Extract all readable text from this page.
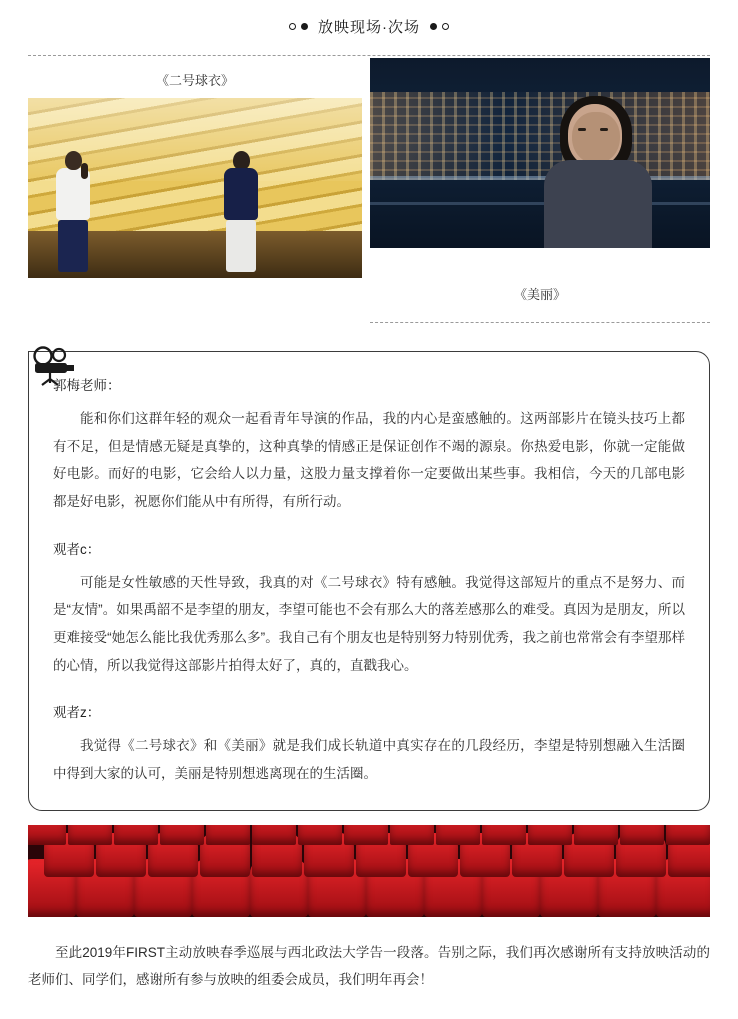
放映现场·次场
《二号球衣》
《美丽》

郭梅老师：

能和你们这群年轻的观众一起看青年导演的作品，我的内心是蛮感触的。这两部影片在镜头技巧上都有不足，但是情感无疑是真挚的，这种真挚的情感正是保证创作不竭的源泉。你热爱电影，你就一定能做好电影。而好的电影，它会给人以力量，这股力量支撑着你一定要做出某些事。我相信，今天的几部电影都是好电影，祝愿你们能从中有所得，有所行动。

观者c：

可能是女性敏感的天性导致，我真的对《二号球衣》特有感触。我觉得这部短片的重点不是努力、而是“友情”。如果禹韶不是李望的朋友，李望可能也不会有那么大的落差感那么的难受。真因为是朋友，所以更难接受“她怎么能比我优秀那么多”。我自己有个朋友也是特别努力特别优秀，我之前也常常会有李望那样的心情，所以我觉得这部影片拍得太好了，真的，直戳我心。

观者z：

我觉得《二号球衣》和《美丽》就是我们成长轨道中真实存在的几段经历，李望是特别想融入生活圈中得到大家的认可，美丽是特别想逃离现在的生活圈。

至此2019年FIRST主动放映春季巡展与西北政法大学告一段落。告别之际，我们再次感谢所有支持放映活动的老师们、同学们，感谢所有参与放映的组委会成员，我们明年再会！
